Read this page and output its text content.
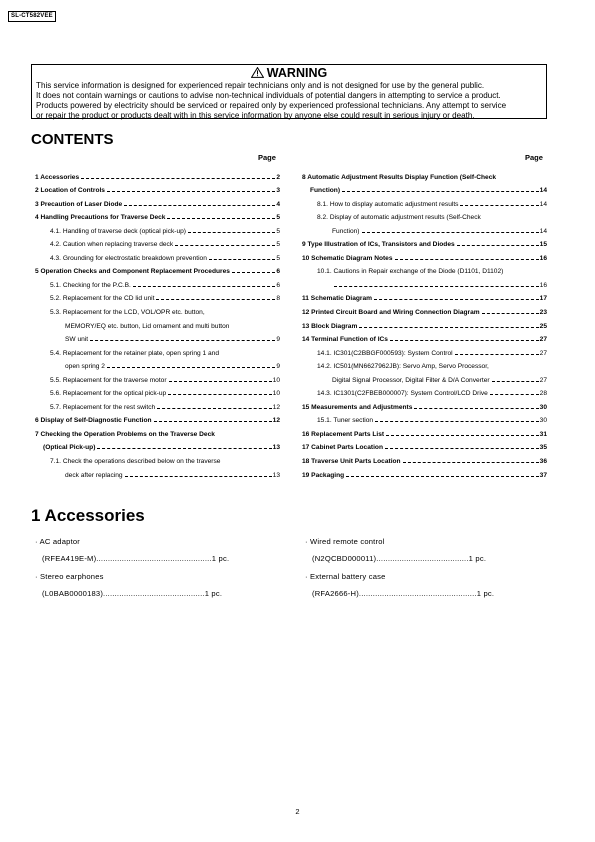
SL-CT582VEE
WARNING
This service information is designed for experienced repair technicians only and is not designed for use by the general public.
It does not contain warnings or cautions to advise non-technical individuals of potential dangers in attempting to service a product.
Products powered by electricity should be serviced or repaired only by experienced professional technicians. Any attempt to service
or repair the product or products dealt with in this service information by anyone else could result in serious injury or death.
CONTENTS
Page	Page
1 Accessories	2
2 Location of Controls	3
3 Precaution of Laser Diode	4
4 Handling Precautions for Traverse Deck	5
4.1. Handling of traverse deck (optical pick-up)	5
4.2. Caution when replacing traverse deck	5
4.3. Grounding for electrostatic breakdown prevention	5
5 Operation Checks and Component Replacement Procedures	6
5.1. Checking for the P.C.B.	6
5.2. Replacement for the CD lid unit	8
5.3. Replacement for the LCD, VOL/OPR etc. button,
MEMORY/EQ etc. button, Lid ornament and multi button
SW unit	9
5.4. Replacement for the retainer plate, open spring 1 and
open spring 2	9
5.5. Replacement for the traverse motor	10
5.6. Replacement for the optical pick-up	10
5.7. Replacement for the rest switch	12
6 Display of Self-Diagnostic Function	12
7 Checking the Operation Problems on the Traverse Deck
(Optical Pick-up)	13
7.1. Check the operations described below on the traverse
deck after replacing	13
8 Automatic Adjustment Results Display Function (Self-Check
Function)	14
8.1. How to display automatic adjustment results	14
8.2. Display of automatic adjustment results (Self-Check
Function)	14
9 Type Illustration of ICs, Transistors and Diodes	15
10 Schematic Diagram Notes	16
10.1. Cautions in Repair exchange of the Diode (D1101, D1102)
16
11 Schematic Diagram	17
12 Printed Circuit Board and Wiring Connection Diagram	23
13 Block Diagram	25
14 Terminal Function of ICs	27
14.1. IC301(C2BBGF000593): System Control	27
14.2. IC501(MN6627962JB): Servo Amp, Servo Processor,
Digital Signal Processor, Digital Filter & D/A Converter	27
14.3. IC1301(C2FBEB000007): System Control/LCD Drive	28
15 Measurements and Adjustments	30
15.1. Tuner section	30
16 Replacement Parts List	31
17 Cabinet Parts Location	35
18 Traverse Unit Parts Location	36
19 Packaging	37
1 Accessories
· AC adaptor
(RFEA419E-M)..................................................1 pc.
· Stereo earphones
(L0BAB0000183)............................................1 pc.
· Wired remote control
(N2QCBD000011)........................................1 pc.
· External battery case
(RFA2666-H)...................................................1 pc.
2
